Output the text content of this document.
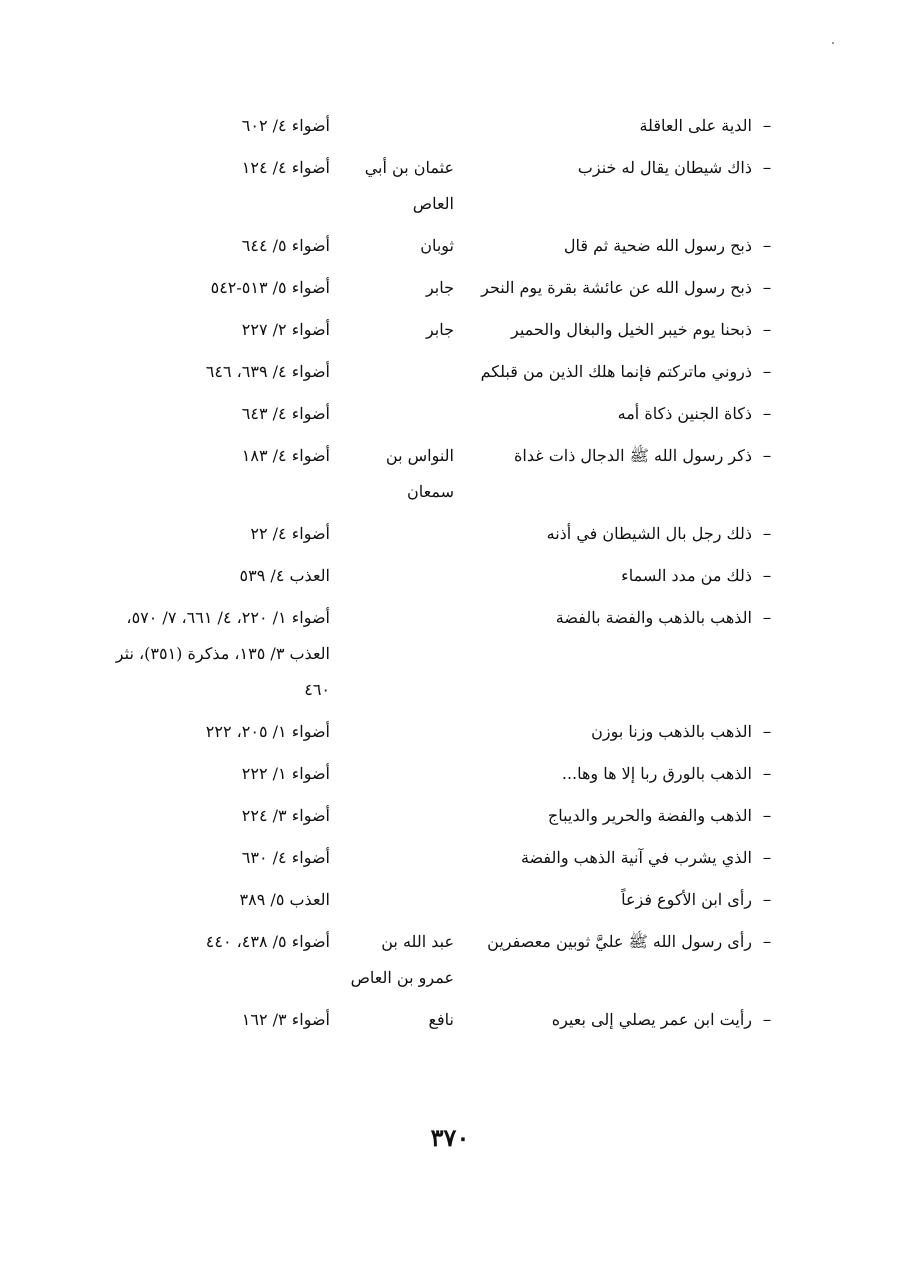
–
الدية على العاقلة
أضواء ٤/ ٦٠٢
–
ذاك شيطان يقال له خنزب
عثمان بن أبي العاص
أضواء ٤/ ١٢٤
–
ذبح رسول الله ضحية ثم قال
ثوبان
أضواء ٥/ ٦٤٤
–
ذبح رسول الله عن عائشة بقرة يوم النحر
جابر
أضواء ٥/ ٥١٣-٥٤٢
–
ذبحنا يوم خيبر الخيل والبغال والحمير
جابر
أضواء ٢/ ٢٢٧
–
ذروني ماتركتم فإنما هلك الذين من قبلكم
أضواء ٤/ ٦٣٩، ٦٤٦
–
ذكاة الجنين ذكاة أمه
أضواء ٤/ ٦٤٣
–
ذكر رسول الله ﷺ الدجال ذات غداة
النواس بن سمعان
أضواء ٤/ ١٨٣
–
ذلك رجل بال الشيطان في أذنه
أضواء ٤/ ٢٢
–
ذلك من مدد السماء
العذب ٤/ ٥٣٩
–
الذهب بالذهب والفضة بالفضة
أضواء ١/ ٢٢٠، ٤/ ٦٦١، ٧/ ٥٧٠، العذب ٣/ ١٣٥، مذكرة (٣٥١)، نثر ٤٦٠
–
الذهب بالذهب وزنا بوزن
أضواء ١/ ٢٠٥، ٢٢٢
–
الذهب بالورق ربا إلا ها وها...
أضواء ١/ ٢٢٢
–
الذهب والفضة والحرير والديباج
أضواء ٣/ ٢٢٤
–
الذي يشرب في آنية الذهب والفضة
أضواء ٤/ ٦٣٠
–
رأى ابن الأكوع فزعاً
العذب ٥/ ٣٨٩
–
رأى رسول الله ﷺ عليَّ ثوبين معصفرين
عبد الله بن عمرو بن العاص
أضواء ٥/ ٤٣٨، ٤٤٠
–
رأيت ابن عمر يصلي إلى بعيره
نافع
أضواء ٣/ ١٦٢
٣٧٠
